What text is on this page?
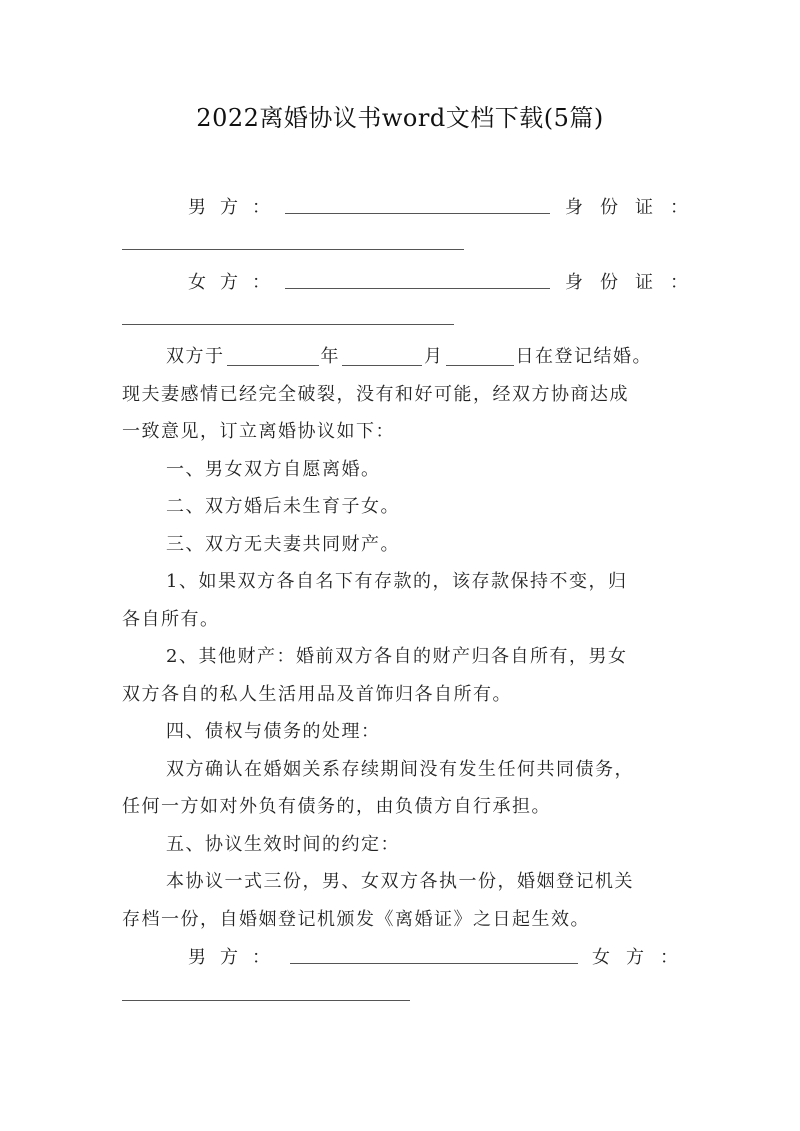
2022离婚协议书word文档下载(5篇)
男方：	身份证：
女方：	身份证：
双方于	年	月	日在登记结婚。
现夫妻感情已经完全破裂，没有和好可能，经双方协商达成
一致意见，订立离婚协议如下：
一、男女双方自愿离婚。
二、双方婚后未生育子女。
三、双方无夫妻共同财产。
1、如果双方各自名下有存款的，该存款保持不变，归
各自所有。
2、其他财产：婚前双方各自的财产归各自所有，男女
双方各自的私人生活用品及首饰归各自所有。
四、债权与债务的处理：
双方确认在婚姻关系存续期间没有发生任何共同债务，
任何一方如对外负有债务的，由负债方自行承担。
五、协议生效时间的约定：
本协议一式三份，男、女双方各执一份，婚姻登记机关
存档一份，自婚姻登记机颁发《离婚证》之日起生效。
男方：	女方：
